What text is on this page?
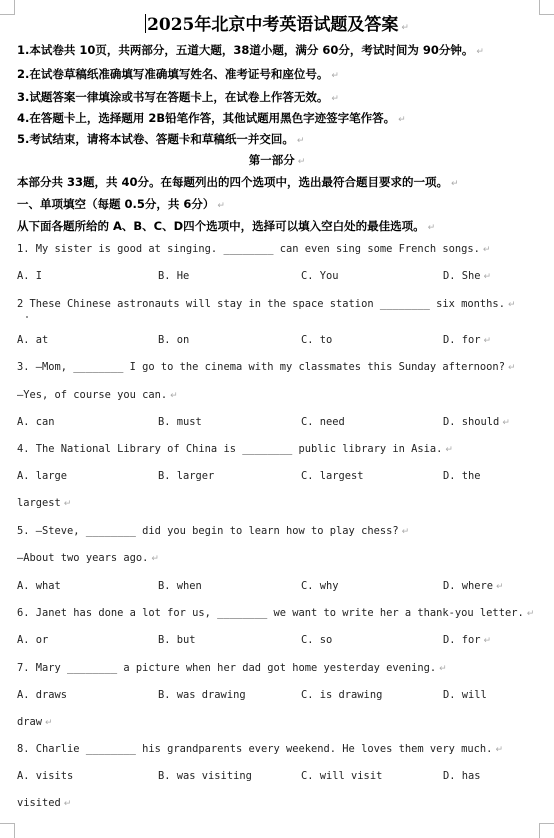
2025年北京中考英语试题及答案 ↵
1.本试卷共 10页，共两部分，五道大题，38道小题，满分 60分，考试时间为 90分钟。 ↵
2.在试卷草稿纸准确填写准确填写姓名、准考证号和座位号。 ↵
3.试题答案一律填涂或书写在答题卡上，在试卷上作答无效。 ↵
4.在答题卡上，选择题用 2B铅笔作答，其他试题用黑色字迹签字笔作答。 ↵
5.考试结束，请将本试卷、答题卡和草稿纸一并交回。 ↵
第一部分 ↵
本部分共 33题，共 40分。在每题列出的四个选项中，选出最符合题目要求的一项。 ↵
一、单项填空（每题 0.5分，共 6分） ↵
从下面各题所给的 A、B、C、D四个选项中，选择可以填入空白处的最佳选项。 ↵
1. My sister is good at singing. ________ can even sing some French songs. ↵
A. I	B. He	C. You	D. She ↵
2 These Chinese astronauts will stay in the space station ________ six months. ↵
A. at	B. on	C. to	D. for ↵
3. —Mom, ________ I go to the cinema with my classmates this Sunday afternoon? ↵
—Yes, of course you can. ↵
A. can	B. must	C. need	D. should ↵
4. The National Library of China is ________ public library in Asia. ↵
A. large	B. larger	C. largest	D. the
largest ↵
5. —Steve, ________ did you begin to learn how to play chess? ↵
—About two years ago. ↵
A. what	B. when	C. why	D. where ↵
6. Janet has done a lot for us, ________ we want to write her a thank-you letter. ↵
A. or	B. but	C. so	D. for ↵
7. Mary ________ a picture when her dad got home yesterday evening. ↵
A. draws	B. was drawing	C. is drawing	D. will
draw ↵
8. Charlie ________ his grandparents every weekend. He loves them very much. ↵
A. visits	B. was visiting	C. will visit	D. has
visited ↵
